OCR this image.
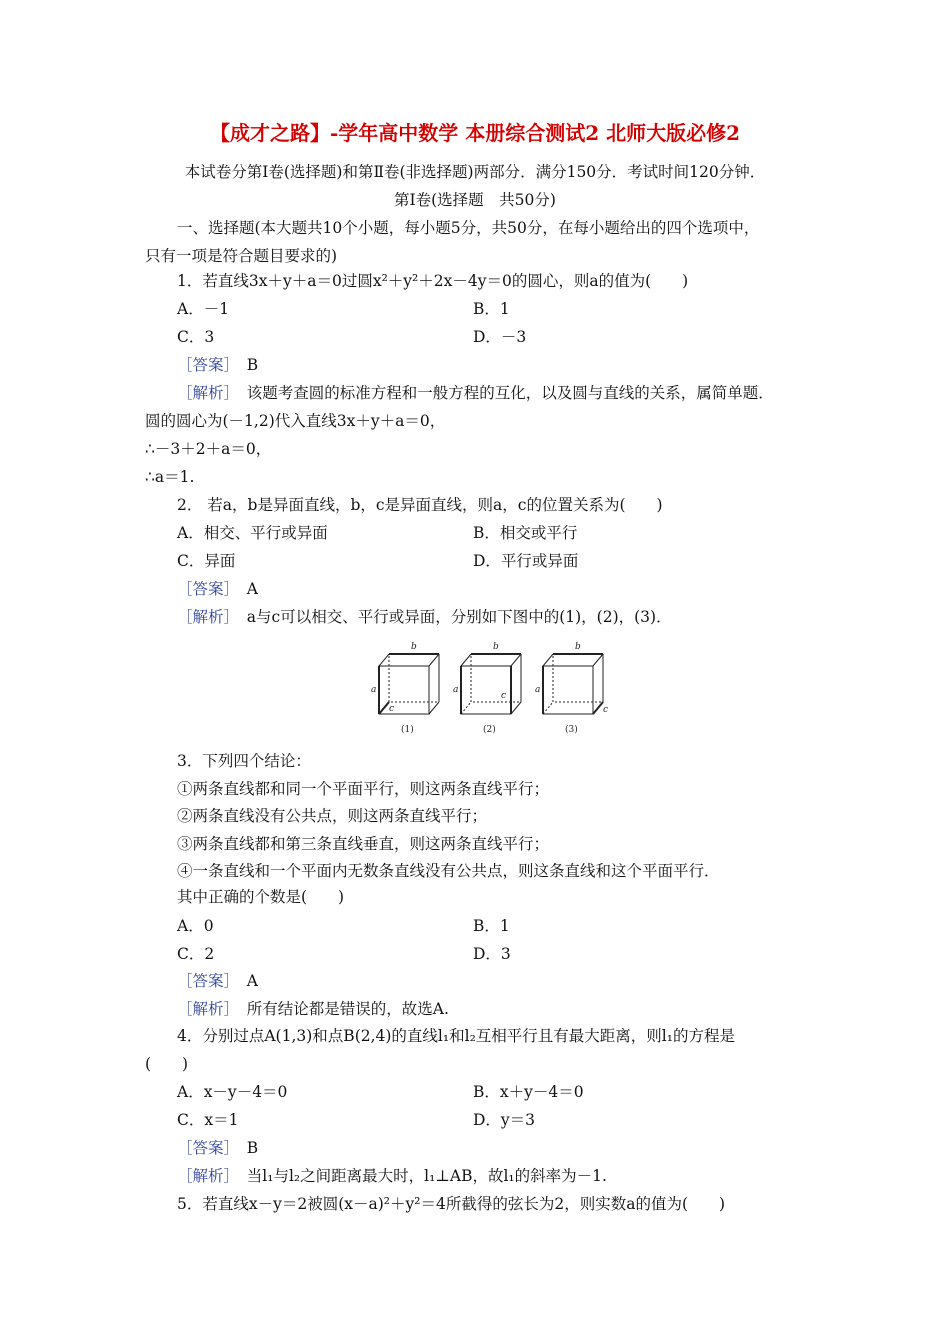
【成才之路】-学年高中数学 本册综合测试2 北师大版必修2
本试卷分第Ⅰ卷(选择题)和第Ⅱ卷(非选择题)两部分．满分150分．考试时间120分钟．
第Ⅰ卷(选择题　共50分)
一、选择题(本大题共10个小题，每小题5分，共50分，在每小题给出的四个选项中，
只有一项是符合题目要求的)
1．若直线3x＋y＋a＝0过圆x²＋y²＋2x－4y＝0的圆心，则a的值为(　　)
A．－1	B．1
C．3	D．－3
［答案］　 B
［解析］　 该题考查圆的标准方程和一般方程的互化，以及圆与直线的关系，属简单题．
圆的圆心为(－1,2)代入直线3x＋y＋a＝0，
∴－3＋2＋a＝0，
∴a＝1.
2． 若a，b是异面直线，b，c是异面直线，则a，c的位置关系为(　　)
A．相交、平行或异面	B．相交或平行
C．异面	D．平行或异面
［答案］　 A
［解析］　 a与c可以相交、平行或异面，分别如下图中的(1)，(2)，(3)．
a
b
c
(1)
a
b
c
(2)
a
b
c
(3)
3．下列四个结论：
①两条直线都和同一个平面平行，则这两条直线平行；
②两条直线没有公共点，则这两条直线平行；
③两条直线都和第三条直线垂直，则这两条直线平行；
④一条直线和一个平面内无数条直线没有公共点，则这条直线和这个平面平行．
其中正确的个数是(　　)
A．0	B．1
C．2	D．3
［答案］　 A
［解析］　 所有结论都是错误的，故选A.
4．分别过点A(1,3)和点B(2,4)的直线l₁和l₂互相平行且有最大距离，则l₁的方程是
(　　)
A．x－y－4＝0	B．x＋y－4＝0
C．x＝1	D．y＝3
［答案］　 B
［解析］　 当l₁与l₂之间距离最大时，l₁⊥AB，故l₁的斜率为－1.
5．若直线x－y＝2被圆(x－a)²＋y²＝4所截得的弦长为2，则实数a的值为(　　)
